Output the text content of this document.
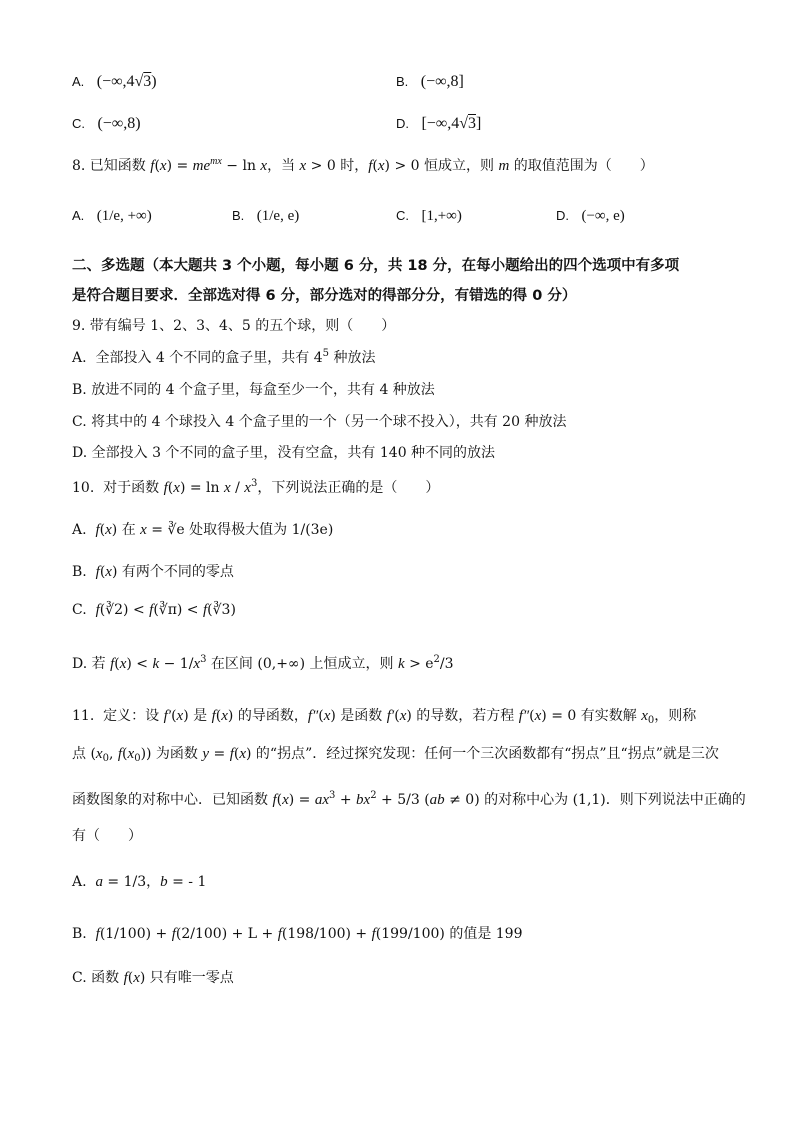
A. (−∞,4√3)	B. (−∞,8]
C. (−∞,8)	D. [−∞,4√3]
8. 已知函数 $f(x) = me^{mx} - \ln x$，当 x > 0 时，f(x) > 0 恒成立，则 m 的取值范围为（　　）
A. (1/e, +∞)	B. (1/e, e)	C. [1,+∞)	D. (−∞, e)
二、多选题（本大题共 3 个小题，每小题 6 分，共 18 分，在每小题给出的四个选项中有多项
是符合题目要求．全部选对得 6 分，部分选对的得部分分，有错选的得 0 分）
9. 带有编号 1、2、3、4、5 的五个球，则（　　）
A.  全部投入 4 个不同的盒子里，共有 $4^5$ 种放法
B. 放进不同的 4 个盒子里，每盒至少一个，共有 4 种放法
C. 将其中的 4 个球投入 4 个盒子里的一个（另一个球不投入），共有 20 种放法
D. 全部投入 3 个不同的盒子里，没有空盒，共有 140 种不同的放法
10.  对于函数 $f(x) = \ln x / x^3$，下列说法正确的是（　　）
A.  f(x) 在 x = ∛e 处取得极大值为 1/(3e)
B.  f(x) 有两个不同的零点
C.  f(∛2) < f(∛π) < f(∛3)
D. 若 $f(x) < k - 1/x^3$ 在区间 (0,+∞) 上恒成立，则 $k > e^2/3$
11.  定义：设 f′(x) 是 f(x) 的导函数，f″(x) 是函数 f′(x) 的导数，若方程 f″(x) = 0 有实数解 $x_0$，则称
点 ($x_0$, $f(x_0)$) 为函数 y = f(x) 的“拐点”．经过探究发现：任何一个三次函数都有“拐点”且“拐点”就是三次
函数图象的对称中心．已知函数 $f(x) = ax^3 + bx^2 + 5/3$ (ab ≠ 0) 的对称中心为 (1,1)．则下列说法中正确的
有（　　）
A.  a = 1/3，b = - 1
B.  f(1/100) + f(2/100) + L + f(198/100) + f(199/100) 的值是 199
C. 函数 f(x) 只有唯一零点
